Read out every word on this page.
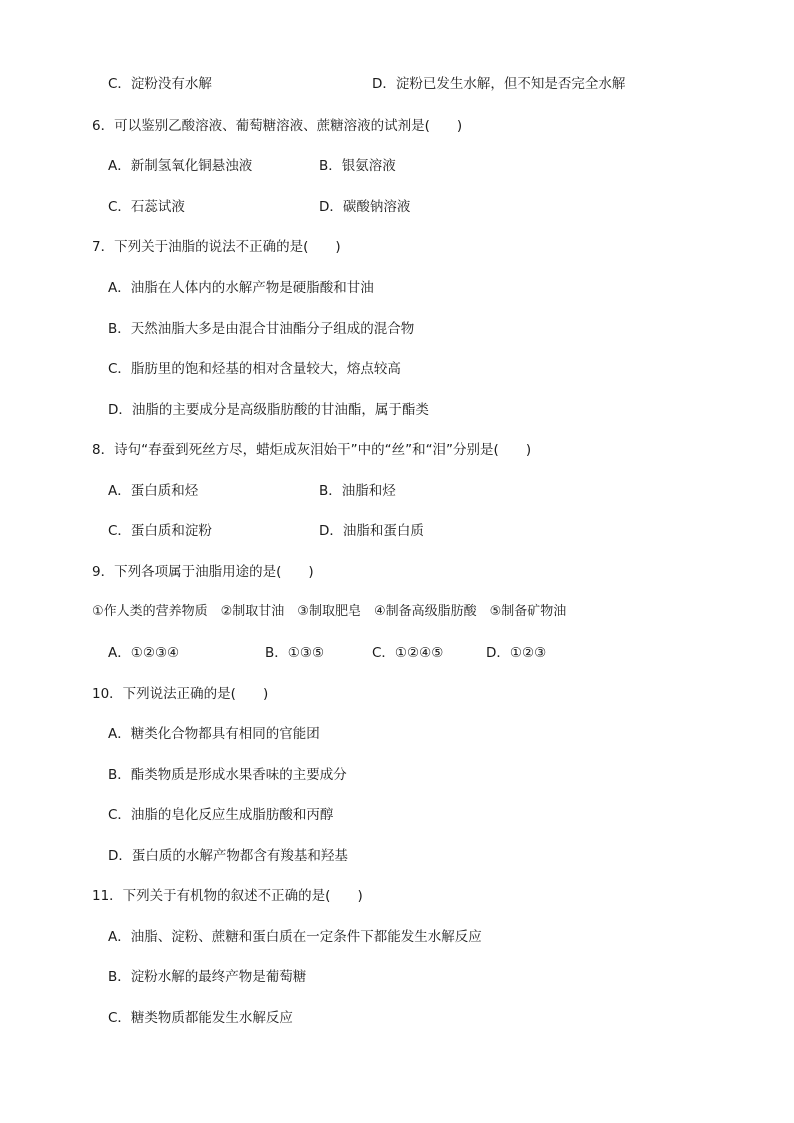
C．淀粉没有水解	D．淀粉已发生水解，但不知是否完全水解
6．可以鉴别乙酸溶液、葡萄糖溶液、蔗糖溶液的试剂是(　　)
A．新制氢氧化铜悬浊液	B．银氨溶液
C．石蕊试液	D．碳酸钠溶液
7．下列关于油脂的说法不正确的是(　　)
A．油脂在人体内的水解产物是硬脂酸和甘油
B．天然油脂大多是由混合甘油酯分子组成的混合物
C．脂肪里的饱和烃基的相对含量较大，熔点较高
D．油脂的主要成分是高级脂肪酸的甘油酯，属于酯类
8．诗句“春蚕到死丝方尽，蜡炬成灰泪始干”中的“丝”和“泪”分别是(　　)
A．蛋白质和烃	B．油脂和烃
C．蛋白质和淀粉	D．油脂和蛋白质
9．下列各项属于油脂用途的是(　　)
①作人类的营养物质　②制取甘油　③制取肥皂　④制备高级脂肪酸　⑤制备矿物油
A．①②③④	B．①③⑤	C．①②④⑤	D．①②③
10．下列说法正确的是(　　)
A．糖类化合物都具有相同的官能团
B．酯类物质是形成水果香味的主要成分
C．油脂的皂化反应生成脂肪酸和丙醇
D．蛋白质的水解产物都含有羧基和羟基
11．下列关于有机物的叙述不正确的是(　　)
A．油脂、淀粉、蔗糖和蛋白质在一定条件下都能发生水解反应
B．淀粉水解的最终产物是葡萄糖
C．糖类物质都能发生水解反应
